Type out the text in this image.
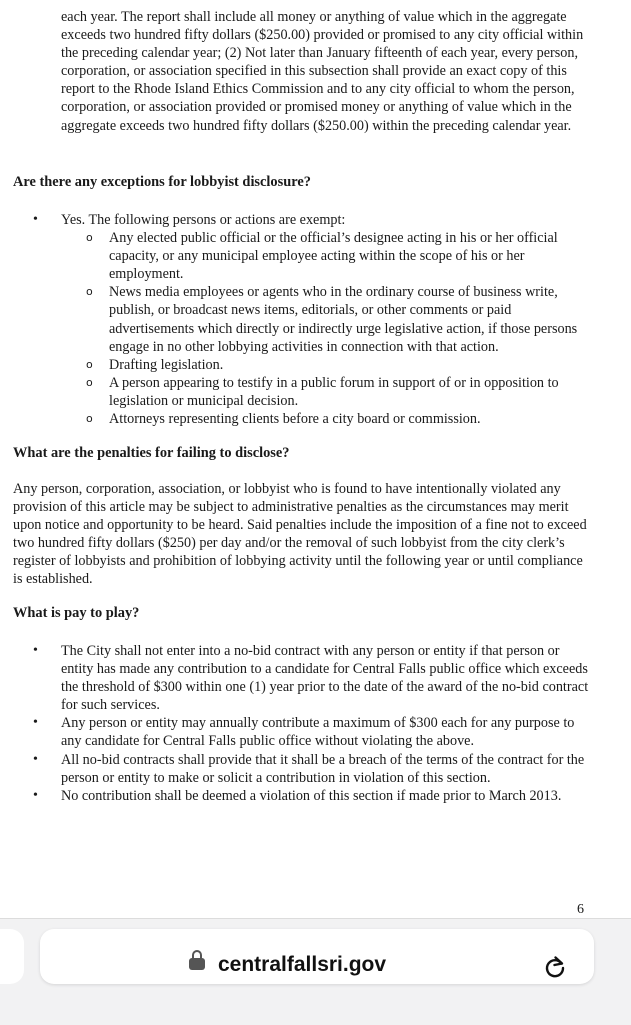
each year. The report shall include all money or anything of value which in the aggregate exceeds two hundred fifty dollars ($250.00) provided or promised to any city official within the preceding calendar year; (2) Not later than January fifteenth of each year, every person, corporation, or association specified in this subsection shall provide an exact copy of this report to the Rhode Island Ethics Commission and to any city official to whom the person, corporation, or association provided or promised money or anything of value which in the aggregate exceeds two hundred fifty dollars ($250.00) within the preceding calendar year.

Are there any exceptions for lobbyist disclosure?
• Yes. The following persons or actions are exempt:
o Any elected public official or the official’s designee acting in his or her official capacity, or any municipal employee acting within the scope of his or her employment.
o News media employees or agents who in the ordinary course of business write, publish, or broadcast news items, editorials, or other comments or paid advertisements which directly or indirectly urge legislative action, if those persons engage in no other lobbying activities in connection with that action.
o Drafting legislation.
o A person appearing to testify in a public forum in support of or in opposition to legislation or municipal decision.
o Attorneys representing clients before a city board or commission.
What are the penalties for failing to disclose?

Any person, corporation, association, or lobbyist who is found to have intentionally violated any provision of this article may be subject to administrative penalties as the circumstances may merit upon notice and opportunity to be heard. Said penalties include the imposition of a fine not to exceed two hundred fifty dollars ($250) per day and/or the removal of such lobbyist from the city clerk’s register of lobbyists and prohibition of lobbying activity until the following year or until compliance is established.

What is pay to play?
• The City shall not enter into a no-bid contract with any person or entity if that person or entity has made any contribution to a candidate for Central Falls public office which exceeds the threshold of $300 within one (1) year prior to the date of the award of the no-bid contract for such services.
• Any person or entity may annually contribute a maximum of $300 each for any purpose to any candidate for Central Falls public office without violating the above.
• All no-bid contracts shall provide that it shall be a breach of the terms of the contract for the person or entity to make or solicit a contribution in violation of this section.
• No contribution shall be deemed a violation of this section if made prior to March 2013.
6
centralfallsri.gov
